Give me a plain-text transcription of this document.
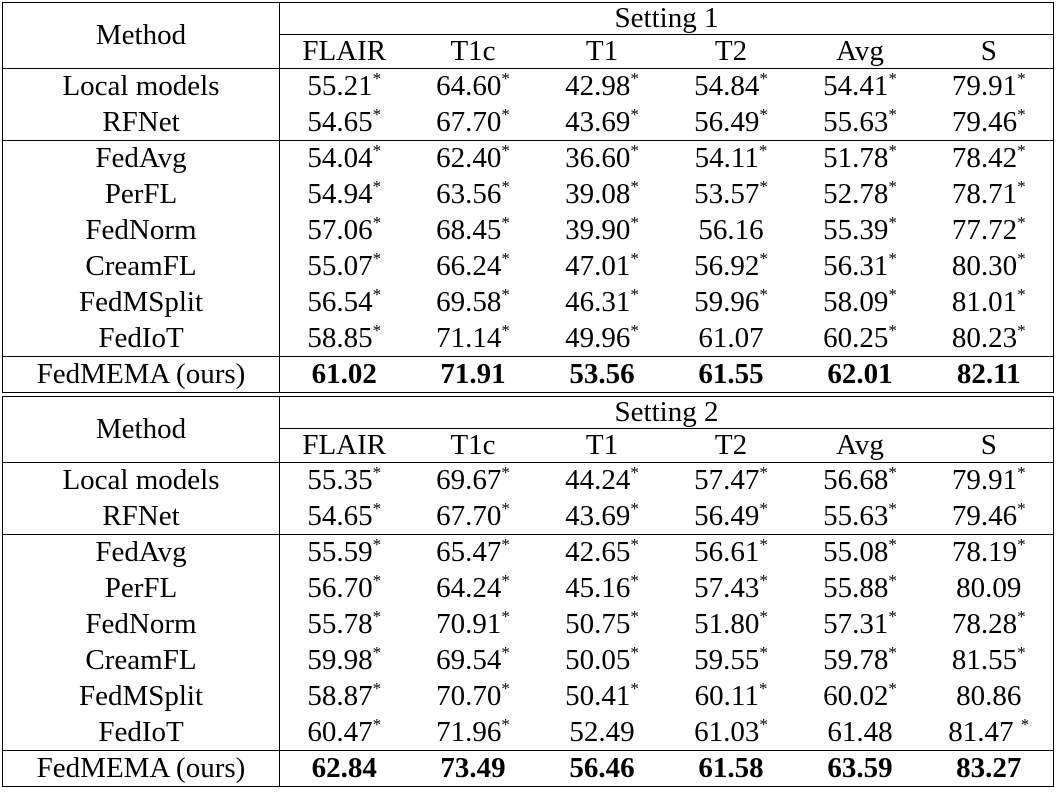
Method	Setting 1					
	FLAIR	T1c	T1	T2	Avg	S
Local models	55.21*	64.60*	42.98*	54.84*	54.41*	79.91*
RFNet	54.65*	67.70*	43.69*	56.49*	55.63*	79.46*
FedAvg	54.04*	62.40*	36.60*	54.11*	51.78*	78.42*
PerFL	54.94*	63.56*	39.08*	53.57*	52.78*	78.71*
FedNorm	57.06*	68.45*	39.90*	56.16	55.39*	77.72*
CreamFL	55.07*	66.24*	47.01*	56.92*	56.31*	80.30*
FedMSplit	56.54*	69.58*	46.31*	59.96*	58.09*	81.01*
FedIoT	58.85*	71.14*	49.96*	61.07	60.25*	80.23*
FedMEMA (ours)	61.02	71.91	53.56	61.55	62.01	82.11
Method	Setting 2					
	FLAIR	T1c	T1	T2	Avg	S
Local models	55.35*	69.67*	44.24*	57.47*	56.68*	79.91*
RFNet	54.65*	67.70*	43.69*	56.49*	55.63*	79.46*
FedAvg	55.59*	65.47*	42.65*	56.61*	55.08*	78.19*
PerFL	56.70*	64.24*	45.16*	57.43*	55.88*	80.09
FedNorm	55.78*	70.91*	50.75*	51.80*	57.31*	78.28*
CreamFL	59.98*	69.54*	50.05*	59.55*	59.78*	81.55*
FedMSplit	58.87*	70.70*	50.41*	60.11*	60.02*	80.86
FedIoT	60.47*	71.96*	52.49	61.03*	61.48	81.47 *
FedMEMA (ours)	62.84	73.49	56.46	61.58	63.59	83.27
